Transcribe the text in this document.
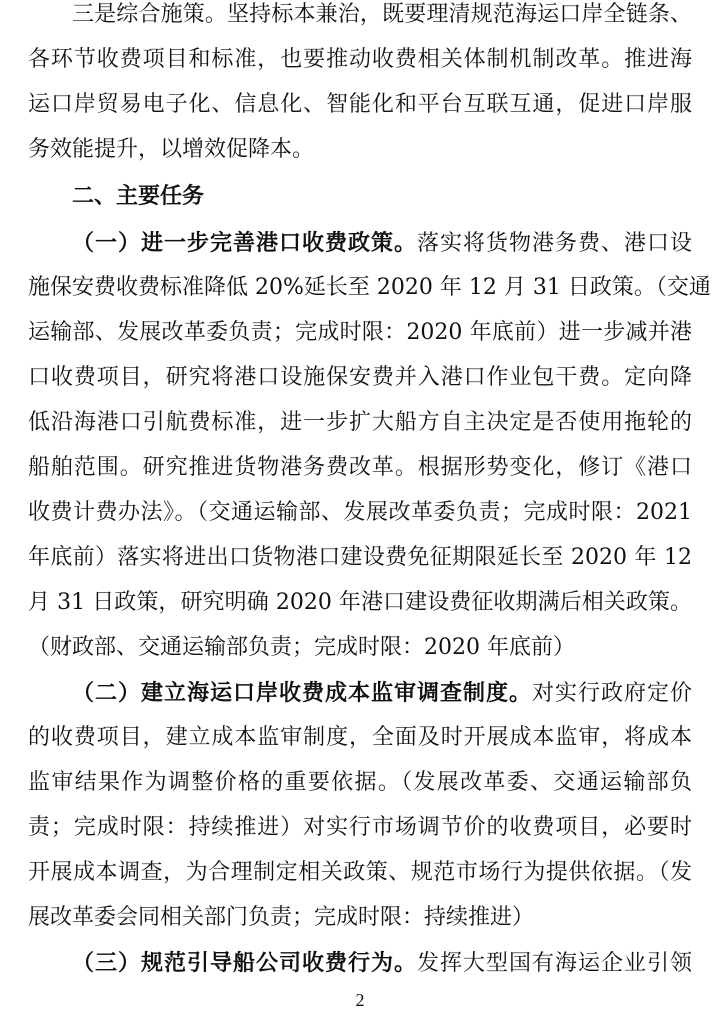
三是综合施策。坚持标本兼治，既要理清规范海运口岸全链条、
各环节收费项目和标准，也要推动收费相关体制机制改革。推进海
运口岸贸易电子化、信息化、智能化和平台互联互通，促进口岸服
务效能提升，以增效促降本。
二、主要任务
（一）进一步完善港口收费政策。落实将货物港务费、港口设
施保安费收费标准降低 20%延长至 2020 年 12 月 31 日政策。（交通
运输部、发展改革委负责；完成时限：2020 年底前）进一步减并港
口收费项目，研究将港口设施保安费并入港口作业包干费。定向降
低沿海港口引航费标准，进一步扩大船方自主决定是否使用拖轮的
船舶范围。研究推进货物港务费改革。根据形势变化，修订《港口
收费计费办法》。（交通运输部、发展改革委负责；完成时限：2021
年底前）落实将进出口货物港口建设费免征期限延长至 2020 年 12
月 31 日政策，研究明确 2020 年港口建设费征收期满后相关政策。
（财政部、交通运输部负责；完成时限：2020 年底前）
（二）建立海运口岸收费成本监审调查制度。对实行政府定价
的收费项目，建立成本监审制度，全面及时开展成本监审，将成本
监审结果作为调整价格的重要依据。（发展改革委、交通运输部负
责；完成时限：持续推进）对实行市场调节价的收费项目，必要时
开展成本调查，为合理制定相关政策、规范市场行为提供依据。（发
展改革委会同相关部门负责；完成时限：持续推进）
（三）规范引导船公司收费行为。发挥大型国有海运企业引领
2
